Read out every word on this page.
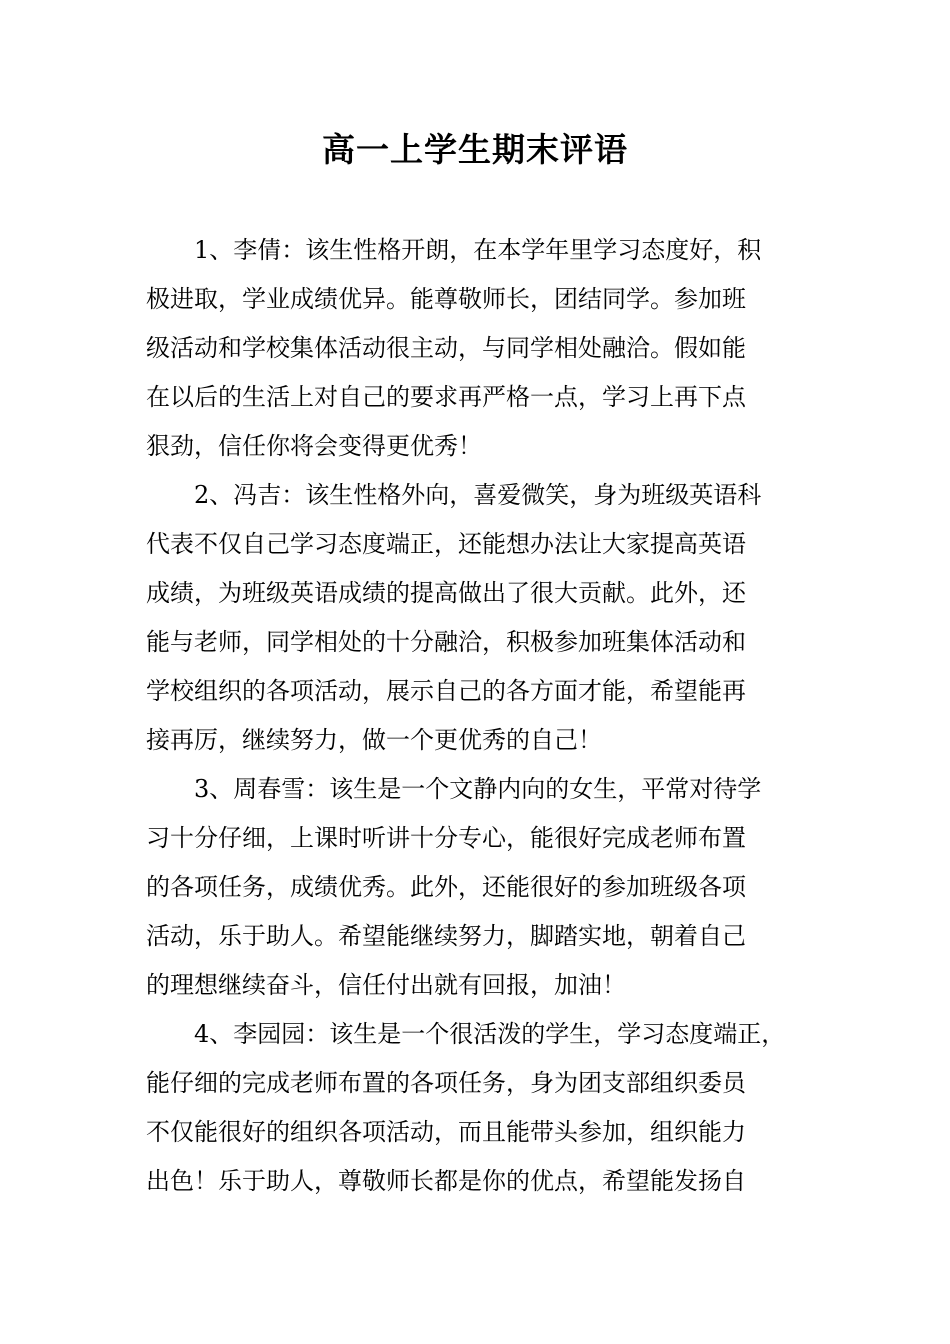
高一上学生期末评语
1、李倩：该生性格开朗，在本学年里学习态度好，积
极进取，学业成绩优异。能尊敬师长，团结同学。参加班
级活动和学校集体活动很主动，与同学相处融洽。假如能
在以后的生活上对自己的要求再严格一点，学习上再下点
狠劲，信任你将会变得更优秀！
2、冯吉：该生性格外向，喜爱微笑，身为班级英语科
代表不仅自己学习态度端正，还能想办法让大家提高英语
成绩，为班级英语成绩的提高做出了很大贡献。此外，还
能与老师，同学相处的十分融洽，积极参加班集体活动和
学校组织的各项活动，展示自己的各方面才能，希望能再
接再厉，继续努力，做一个更优秀的自己！
3、周春雪：该生是一个文静内向的女生，平常对待学
习十分仔细，上课时听讲十分专心，能很好完成老师布置
的各项任务，成绩优秀。此外，还能很好的参加班级各项
活动，乐于助人。希望能继续努力，脚踏实地，朝着自己
的理想继续奋斗，信任付出就有回报，加油！
4、李园园：该生是一个很活泼的学生，学习态度端正，
能仔细的完成老师布置的各项任务，身为团支部组织委员
不仅能很好的组织各项活动，而且能带头参加，组织能力
出色！乐于助人，尊敬师长都是你的优点，希望能发扬自
